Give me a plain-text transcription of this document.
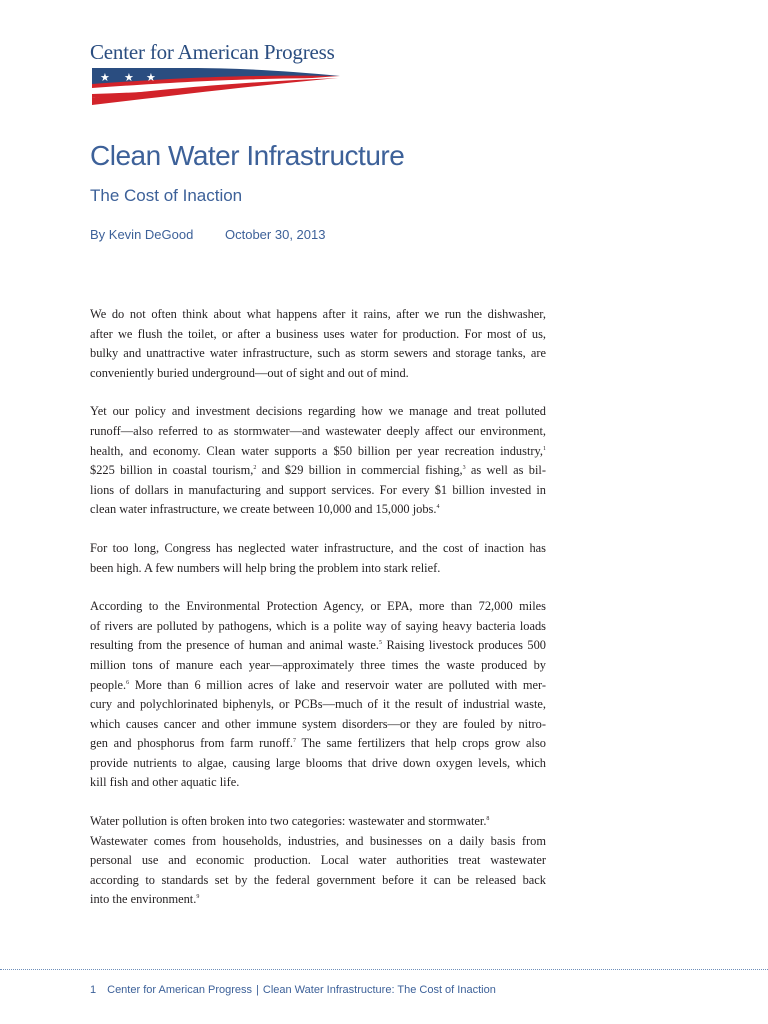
Center for American Progress
★ ★ ★
Clean Water Infrastructure
The Cost of Inaction
By Kevin DeGood October 30, 2013

We do not often think about what happens after it rains, after we run the dishwasher,
after we flush the toilet, or after a business uses water for production. For most of us,
bulky and unattractive water infrastructure, such as storm sewers and storage tanks, are
conveniently buried underground—out of sight and out of mind.

Yet our policy and investment decisions regarding how we manage and treat polluted
runoff—also referred to as stormwater—and wastewater deeply affect our environment,
health, and economy. Clean water supports a $50 billion per year recreation industry,$^1$
$225 billion in coastal tourism,$^2$ and $29 billion in commercial fishing,$^3$ as well as bil-
lions of dollars in manufacturing and support services. For every $1 billion invested in
clean water infrastructure, we create between 10,000 and 15,000 jobs.$^4$

For too long, Congress has neglected water infrastructure, and the cost of inaction has
been high. A few numbers will help bring the problem into stark relief.

According to the Environmental Protection Agency, or EPA, more than 72,000 miles
of rivers are polluted by pathogens, which is a polite way of saying heavy bacteria loads
resulting from the presence of human and animal waste.$^5$ Raising livestock produces 500
million tons of manure each year—approximately three times the waste produced by
people.$^6$ More than 6 million acres of lake and reservoir water are polluted with mer-
cury and polychlorinated biphenyls, or PCBs—much of it the result of industrial waste,
which causes cancer and other immune system disorders—or they are fouled by nitro-
gen and phosphorus from farm runoff.$^7$ The same fertilizers that help crops grow also
provide nutrients to algae, causing large blooms that drive down oxygen levels, which
kill fish and other aquatic life.

Water pollution is often broken into two categories: wastewater and stormwater.$^8$
Wastewater comes from households, industries, and businesses on a daily basis from
personal use and economic production. Local water authorities treat wastewater
according to standards set by the federal government before it can be released back
into the environment.$^9$

1 Center for American Progress | Clean Water Infrastructure: The Cost of Inaction
